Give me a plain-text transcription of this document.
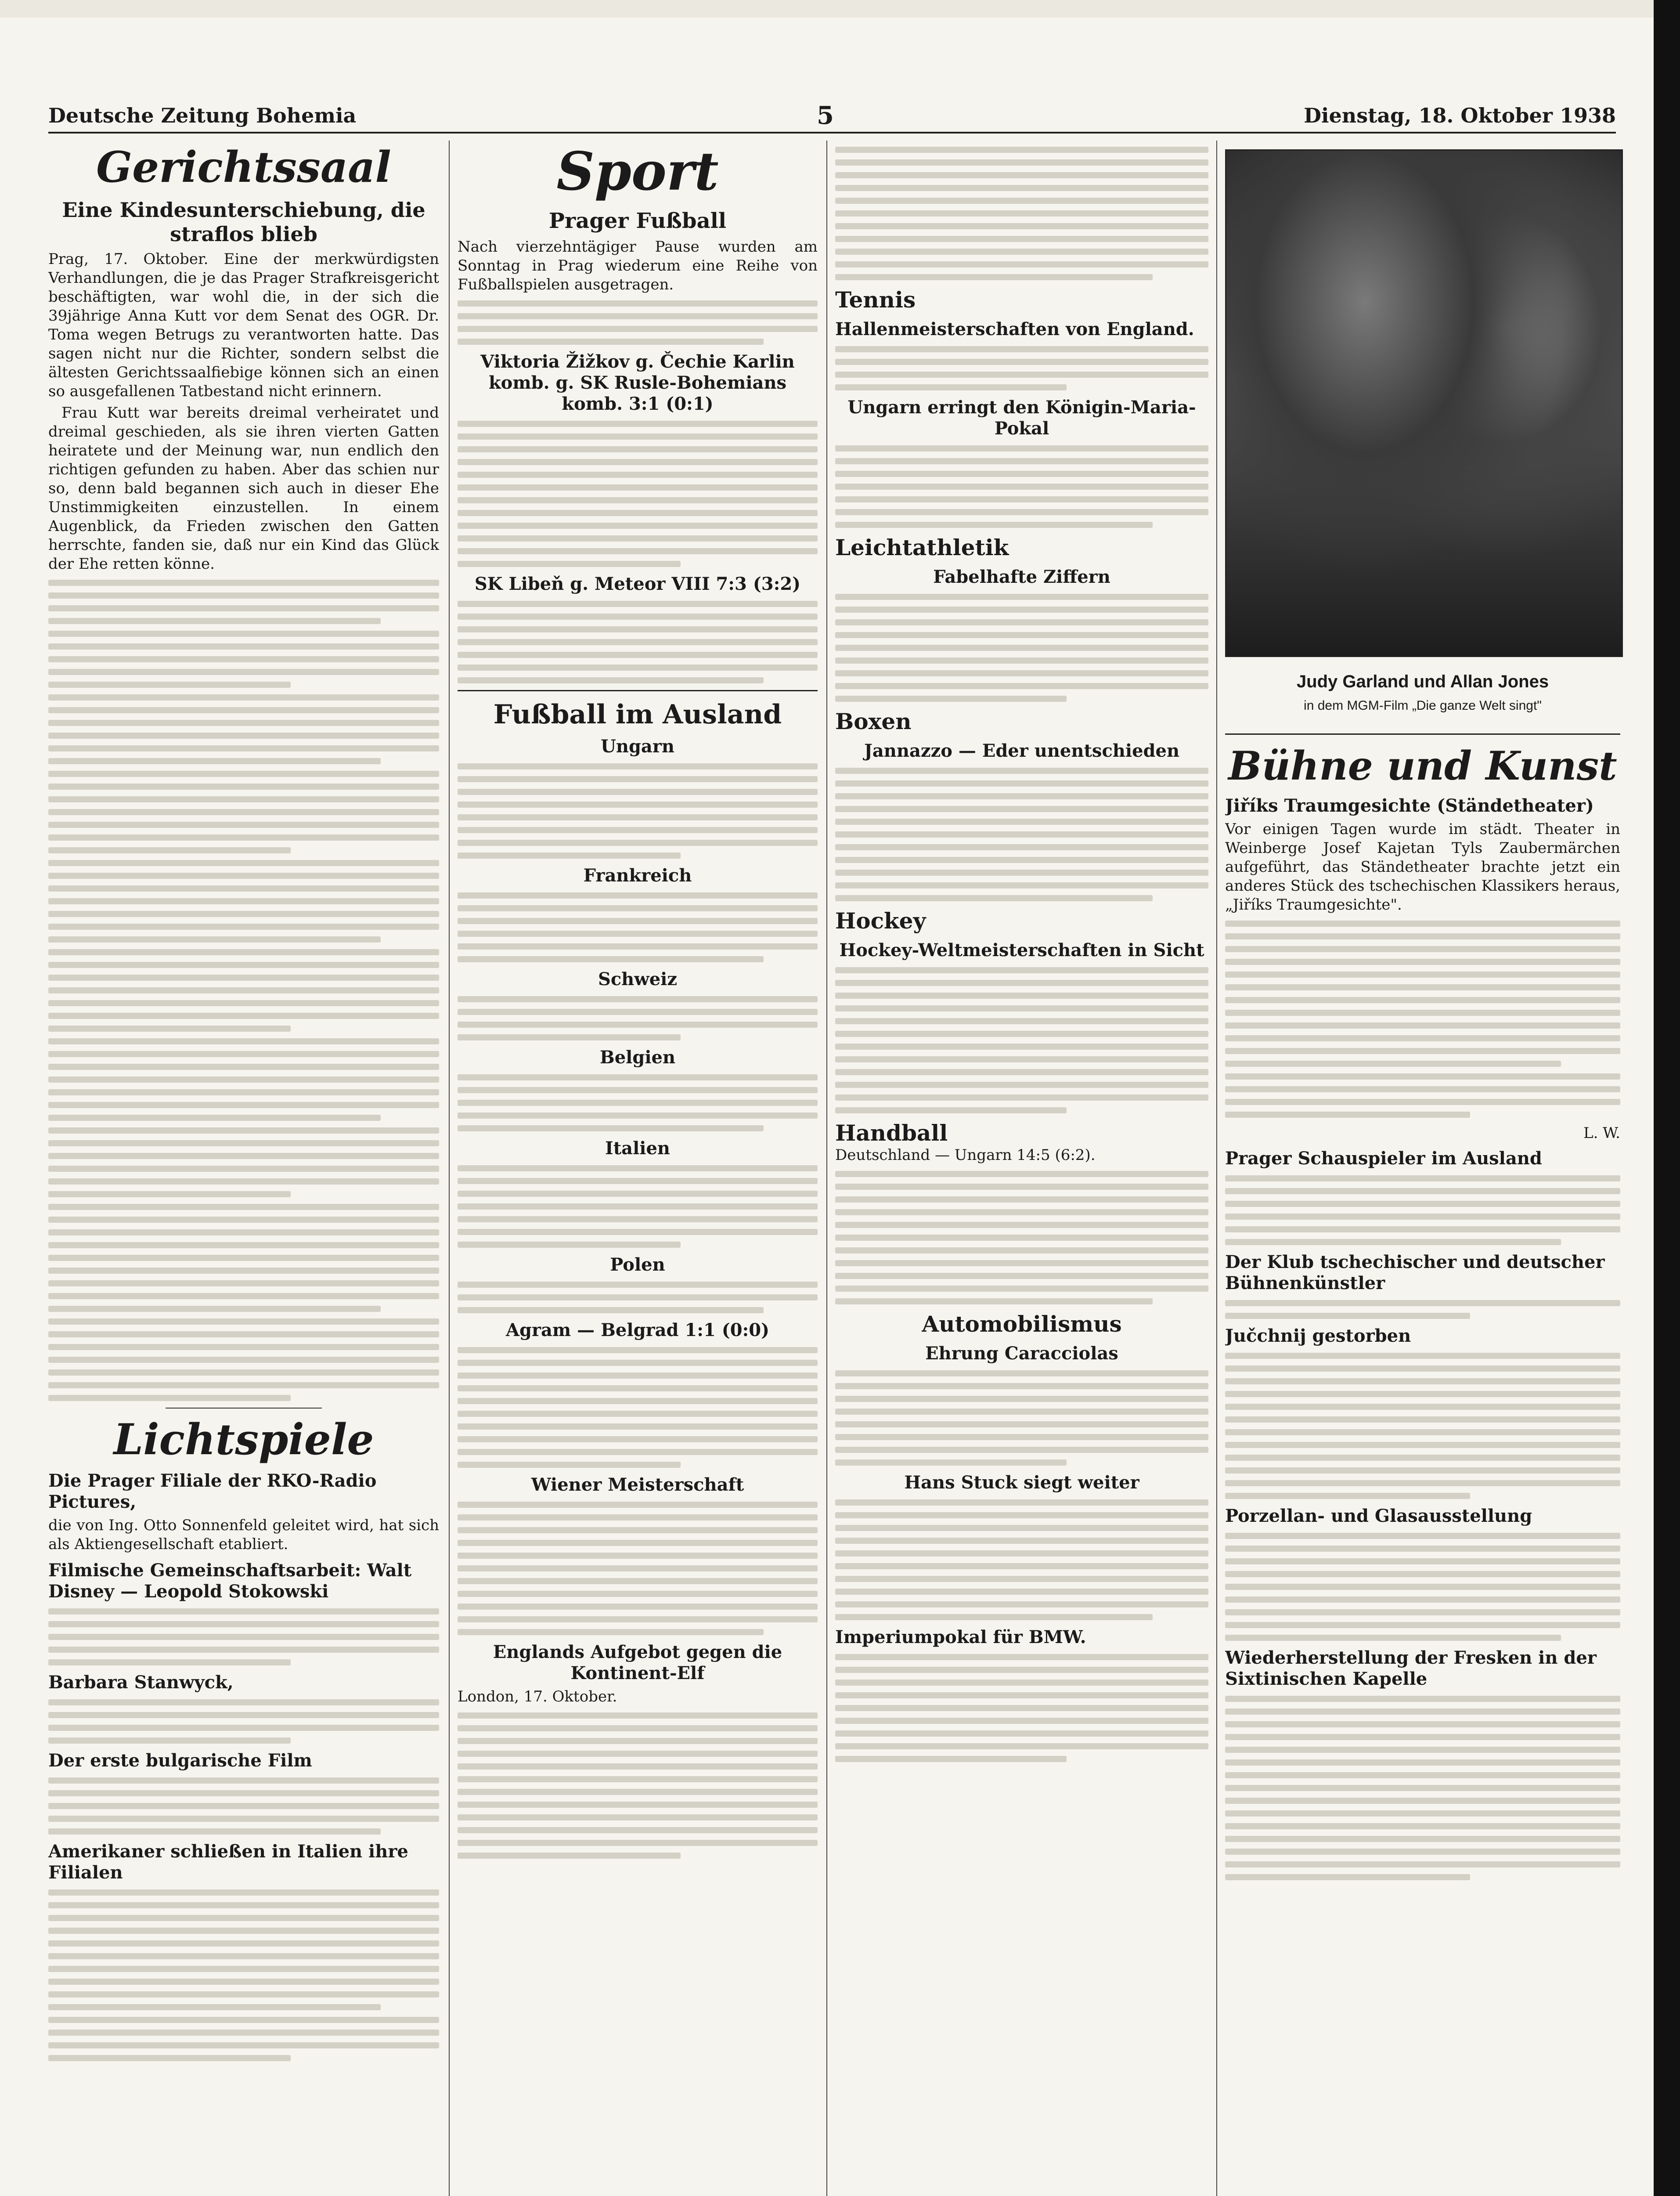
Deutsche Zeitung Bohemia	5	Dienstag, 18. Oktober 1938
Gerichtssaal
Eine Kindesunterschiebung, die straflos blieb

Prag, 17. Oktober. Eine der merkwürdigsten Verhandlungen, die je das Prager Strafkreisgericht beschäftigten, war wohl die, in der sich die 39jährige Anna Kutt vor dem Senat des OGR. Dr. Toma wegen Betrugs zu verantworten hatte. Das sagen nicht nur die Richter, sondern selbst die ältesten Gerichtssaalfiebige können sich an einen so ausgefallenen Tatbestand nicht erinnern.

Frau Kutt war bereits dreimal verheiratet und dreimal geschieden, als sie ihren vierten Gatten heiratete und der Meinung war, nun endlich den richtigen gefunden zu haben. Aber das schien nur so, denn bald begannen sich auch in dieser Ehe Unstimmigkeiten einzustellen. In einem Augenblick, da Frieden zwischen den Gatten herrschte, fanden sie, daß nur ein Kind das Glück der Ehe retten könne.

Lichtspiele
Die Prager Filiale der RKO-Radio Pictures,

die von Ing. Otto Sonnenfeld geleitet wird, hat sich als Aktiengesellschaft etabliert.

Filmische Gemeinschaftsarbeit: Walt Disney — Leopold Stokowski
Barbara Stanwyck,
Der erste bulgarische Film
Amerikaner schließen in Italien ihre Filialen
Sport
Prager Fußball

Nach vierzehntägiger Pause wurden am Sonntag in Prag wiederum eine Reihe von Fußballspielen ausgetragen.

Viktoria Žižkov g. Čechie Karlin komb. g. SK Rusle-Bohemians komb. 3:1 (0:1)
SK Libeň g. Meteor VIII 7:3 (3:2)
Fußball im Ausland
Ungarn
Frankreich
Schweiz
Belgien
Italien
Polen
Agram — Belgrad 1:1 (0:0)
Wiener Meisterschaft
Englands Aufgebot gegen die Kontinent-Elf

London, 17. Oktober.

Tennis
Hallenmeisterschaften von England.
Ungarn erringt den Königin-Maria-Pokal
Leichtathletik
Fabelhafte Ziffern
Boxen
Jannazzo — Eder unentschieden
Hockey
Hockey-Weltmeisterschaften in Sicht
Handball

Deutschland — Ungarn 14:5 (6:2).

Automobilismus
Ehrung Caracciolas
Hans Stuck siegt weiter
Imperiumpokal für BMW.
Judy Garland und Allan Jones
in dem MGM-Film „Die ganze Welt singt"
Bühne und Kunst
Jiříks Traumgesichte (Ständetheater)

Vor einigen Tagen wurde im städt. Theater in Weinberge Josef Kajetan Tyls Zaubermärchen aufgeführt, das Ständetheater brachte jetzt ein anderes Stück des tschechischen Klassikers heraus, „Jiříks Traumgesichte".

L. W.
Prager Schauspieler im Ausland
Der Klub tschechischer und deutscher Bühnenkünstler
Jučchnij gestorben
Porzellan- und Glasausstellung
Wiederherstellung der Fresken in der Sixtinischen Kapelle
